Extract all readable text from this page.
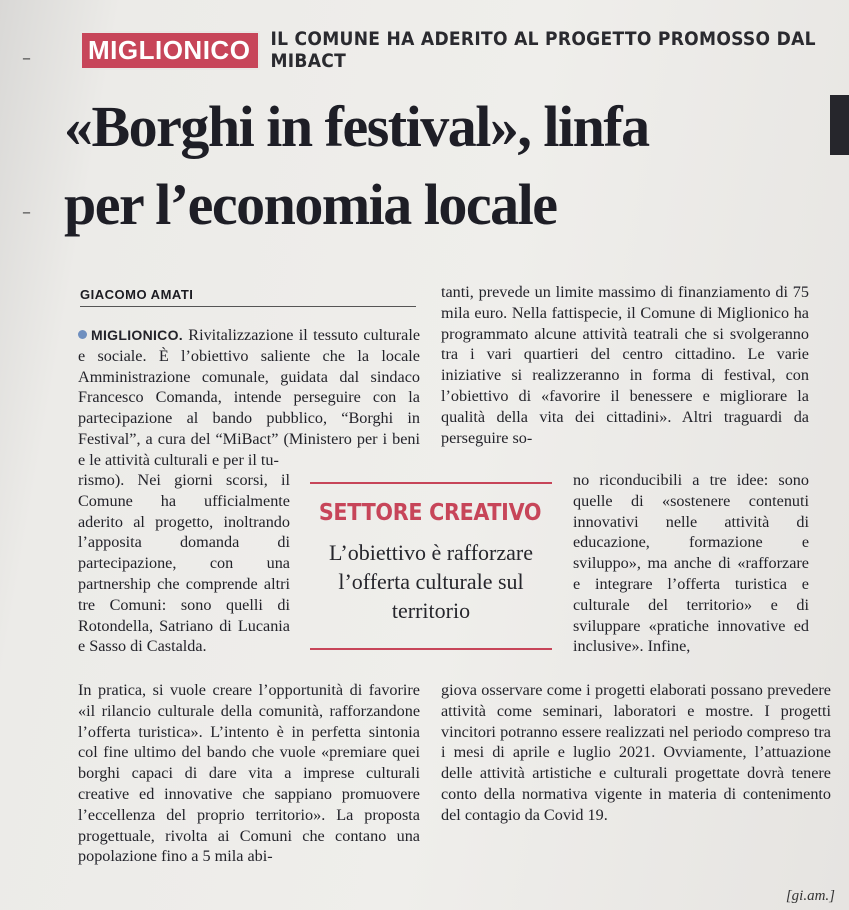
–
–
MIGLIONICO	IL COMUNE HA ADERITO AL PROGETTO PROMOSSO DAL MIBACT
«Borghi in festival», linfa
per l’economia locale
GIACOMO AMATI

MIGLIONICO. Rivitalizzazione il tessuto culturale e sociale. È l’obiettivo saliente che la locale Amministrazione comunale, guidata dal sindaco Francesco Comanda, intende perseguire con la partecipazione al bando pubblico, “Borghi in Festival”, a cura del “MiBact” (Ministero per i beni e le attività culturali e per il tu-

rismo). Nei giorni scorsi, il Comune ha ufficialmente aderito al progetto, inoltrando l’apposita domanda di partecipazione, con una partnership che comprende altri tre Comuni: sono quelli di Rotondella, Satriano di Lucania e Sasso di Castalda.

In pratica, si vuole creare l’opportunità di favorire «il rilancio culturale della comunità, rafforzandone l’offerta turistica». L’intento è in perfetta sintonia col fine ultimo del bando che vuole «premiare quei borghi capaci di dare vita a imprese culturali creative ed innovative che sappiano promuovere l’eccellenza del proprio territorio». La proposta progettuale, rivolta ai Comuni che contano una popolazione fino a 5 mila abi-

tanti, prevede un limite massimo di finanziamento di 75 mila euro. Nella fattispecie, il Comune di Miglionico ha programmato alcune attività teatrali che si svolgeranno tra i vari quartieri del centro cittadino. Le varie iniziative si realizzeranno in forma di festival, con l’obiettivo di «favorire il benessere e migliorare la qualità della vita dei cittadini». Altri traguardi da perseguire so-

no riconducibili a tre idee: sono quelle di «sostenere contenuti innovativi nelle attività di educazione, formazione e sviluppo», ma anche di «rafforzare e integrare l’offerta turistica e culturale del territorio» e di sviluppare «pratiche innovative ed inclusive». Infine,

giova osservare come i progetti elaborati possano prevedere attività come seminari, laboratori e mostre. I progetti vincitori potranno essere realizzati nel periodo compreso tra i mesi di aprile e luglio 2021. Ovviamente, l’attuazione delle attività artistiche e culturali progettate dovrà tenere conto della normativa vigente in materia di contenimento del contagio da Covid 19.

SETTORE CREATIVO
L’obiettivo è rafforzare l’offerta culturale sul territorio
[gi.am.]
